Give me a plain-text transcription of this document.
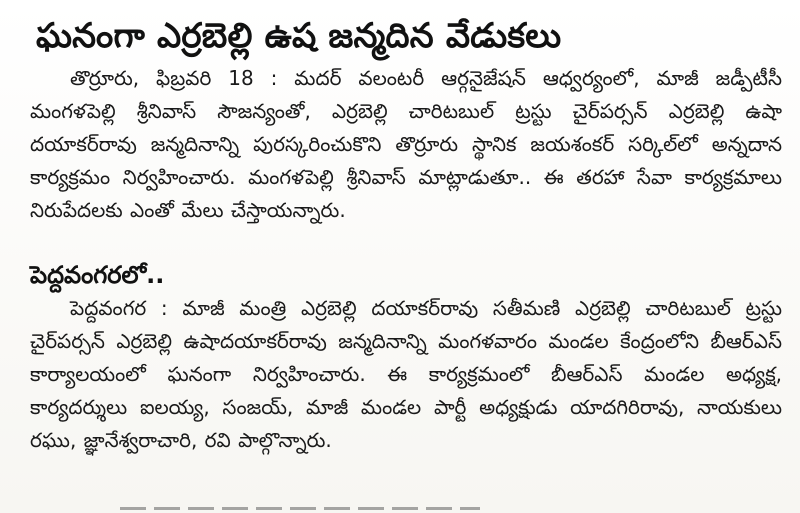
ఘనంగా ఎర్రబెల్లి ఉష జన్మదిన వేడుకలు

తొర్రూరు, ఫిబ్రవరి 18 : మదర్ వలంటరీ ఆర్గనైజేషన్ ఆధ్వర్యంలో, మాజీ జడ్పీటీసీ మంగళపెల్లి శ్రీనివాస్ సౌజన్యంతో, ఎర్రబెల్లి చారిటబుల్ ట్రస్టు చైర్‌పర్సన్ ఎర్రబెల్లి ఉషా దయాకర్‌రావు జన్మదినాన్ని పురస్కరించుకొని తొర్రూరు స్థానిక జయశంకర్ సర్కిల్‌లో అన్నదాన కార్యక్రమం నిర్వహించారు. మంగళపెల్లి శ్రీనివాస్ మాట్లాడుతూ.. ఈ తరహా సేవా కార్యక్రమాలు నిరుపేదలకు ఎంతో మేలు చేస్తాయన్నారు.

పెద్దవంగరలో..

పెద్దవంగర : మాజీ మంత్రి ఎర్రబెల్లి దయాకర్‌రావు సతీమణి ఎర్రబెల్లి చారిటబుల్ ట్రస్టు చైర్‌పర్సన్ ఎర్రబెల్లి ఉషాదయాకర్‌రావు జన్మదినాన్ని మంగళవారం మండల కేంద్రంలోని బీఆర్ఎస్ కార్యాలయంలో ఘనంగా నిర్వహించారు. ఈ కార్యక్రమంలో బీఆర్ఎస్ మండల అధ్యక్ష, కార్యదర్శులు ఐలయ్య, సంజయ్, మాజీ మండల పార్టీ అధ్యక్షుడు యాదగిరిరావు, నాయకులు రఘు, జ్ఞానేశ్వరాచారి, రవి పాల్గొన్నారు.
